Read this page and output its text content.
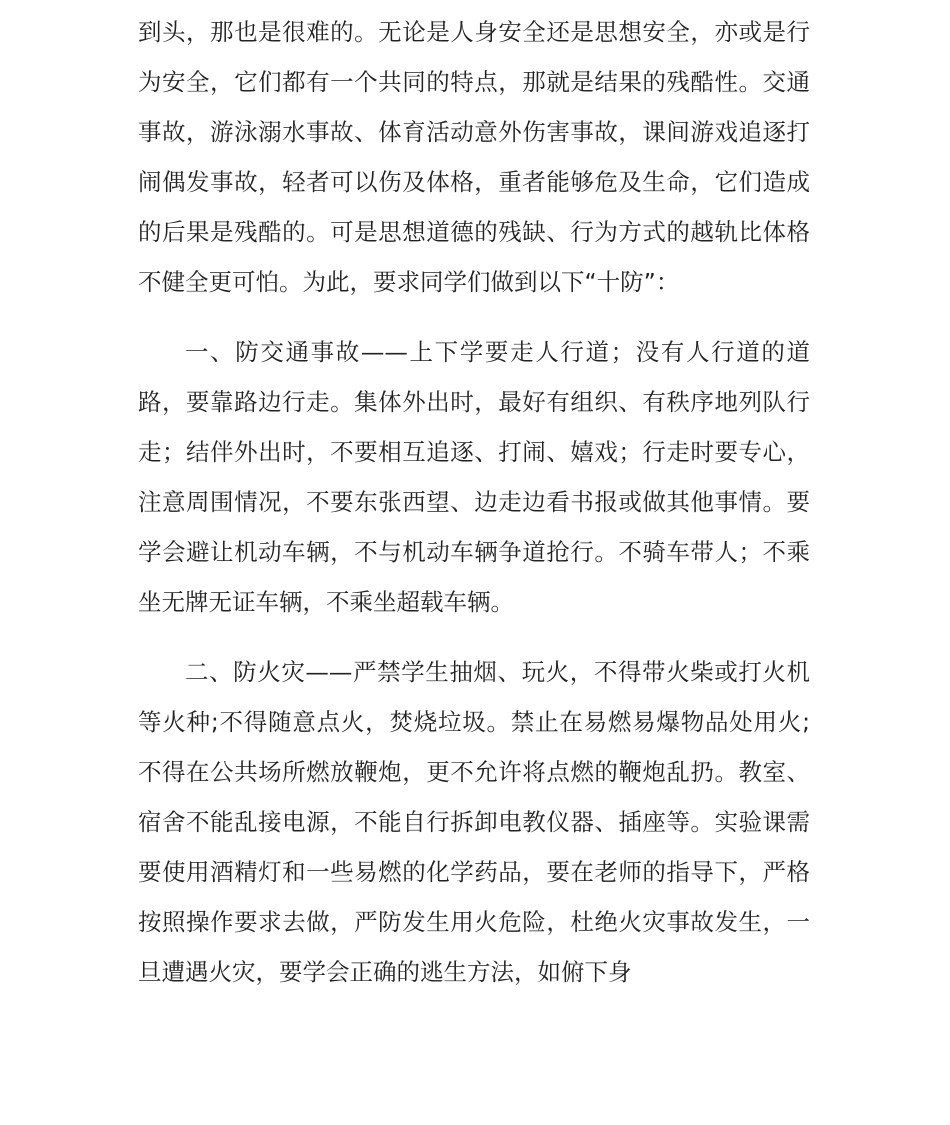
到头，那也是很难的。无论是人身安全还是思想安全，亦或是行为安全，它们都有一个共同的特点，那就是结果的残酷性。交通事故，游泳溺水事故、体育活动意外伤害事故，课间游戏追逐打闹偶发事故，轻者可以伤及体格，重者能够危及生命，它们造成的后果是残酷的。可是思想道德的残缺、行为方式的越轨比体格不健全更可怕。为此，要求同学们做到以下“十防”：

一、防交通事故——上下学要走人行道；没有人行道的道路，要靠路边行走。集体外出时，最好有组织、有秩序地列队行走；结伴外出时，不要相互追逐、打闹、嬉戏；行走时要专心，注意周围情况，不要东张西望、边走边看书报或做其他事情。要学会避让机动车辆，不与机动车辆争道抢行。不骑车带人；不乘坐无牌无证车辆，不乘坐超载车辆。

二、防火灾——严禁学生抽烟、玩火，不得带火柴或打火机等火种;不得随意点火，焚烧垃圾。禁止在易燃易爆物品处用火;不得在公共场所燃放鞭炮，更不允许将点燃的鞭炮乱扔。教室、宿舍不能乱接电源，不能自行拆卸电教仪器、插座等。实验课需要使用酒精灯和一些易燃的化学药品，要在老师的指导下，严格按照操作要求去做，严防发生用火危险，杜绝火灾事故发生，一旦遭遇火灾，要学会正确的逃生方法，如俯下身
